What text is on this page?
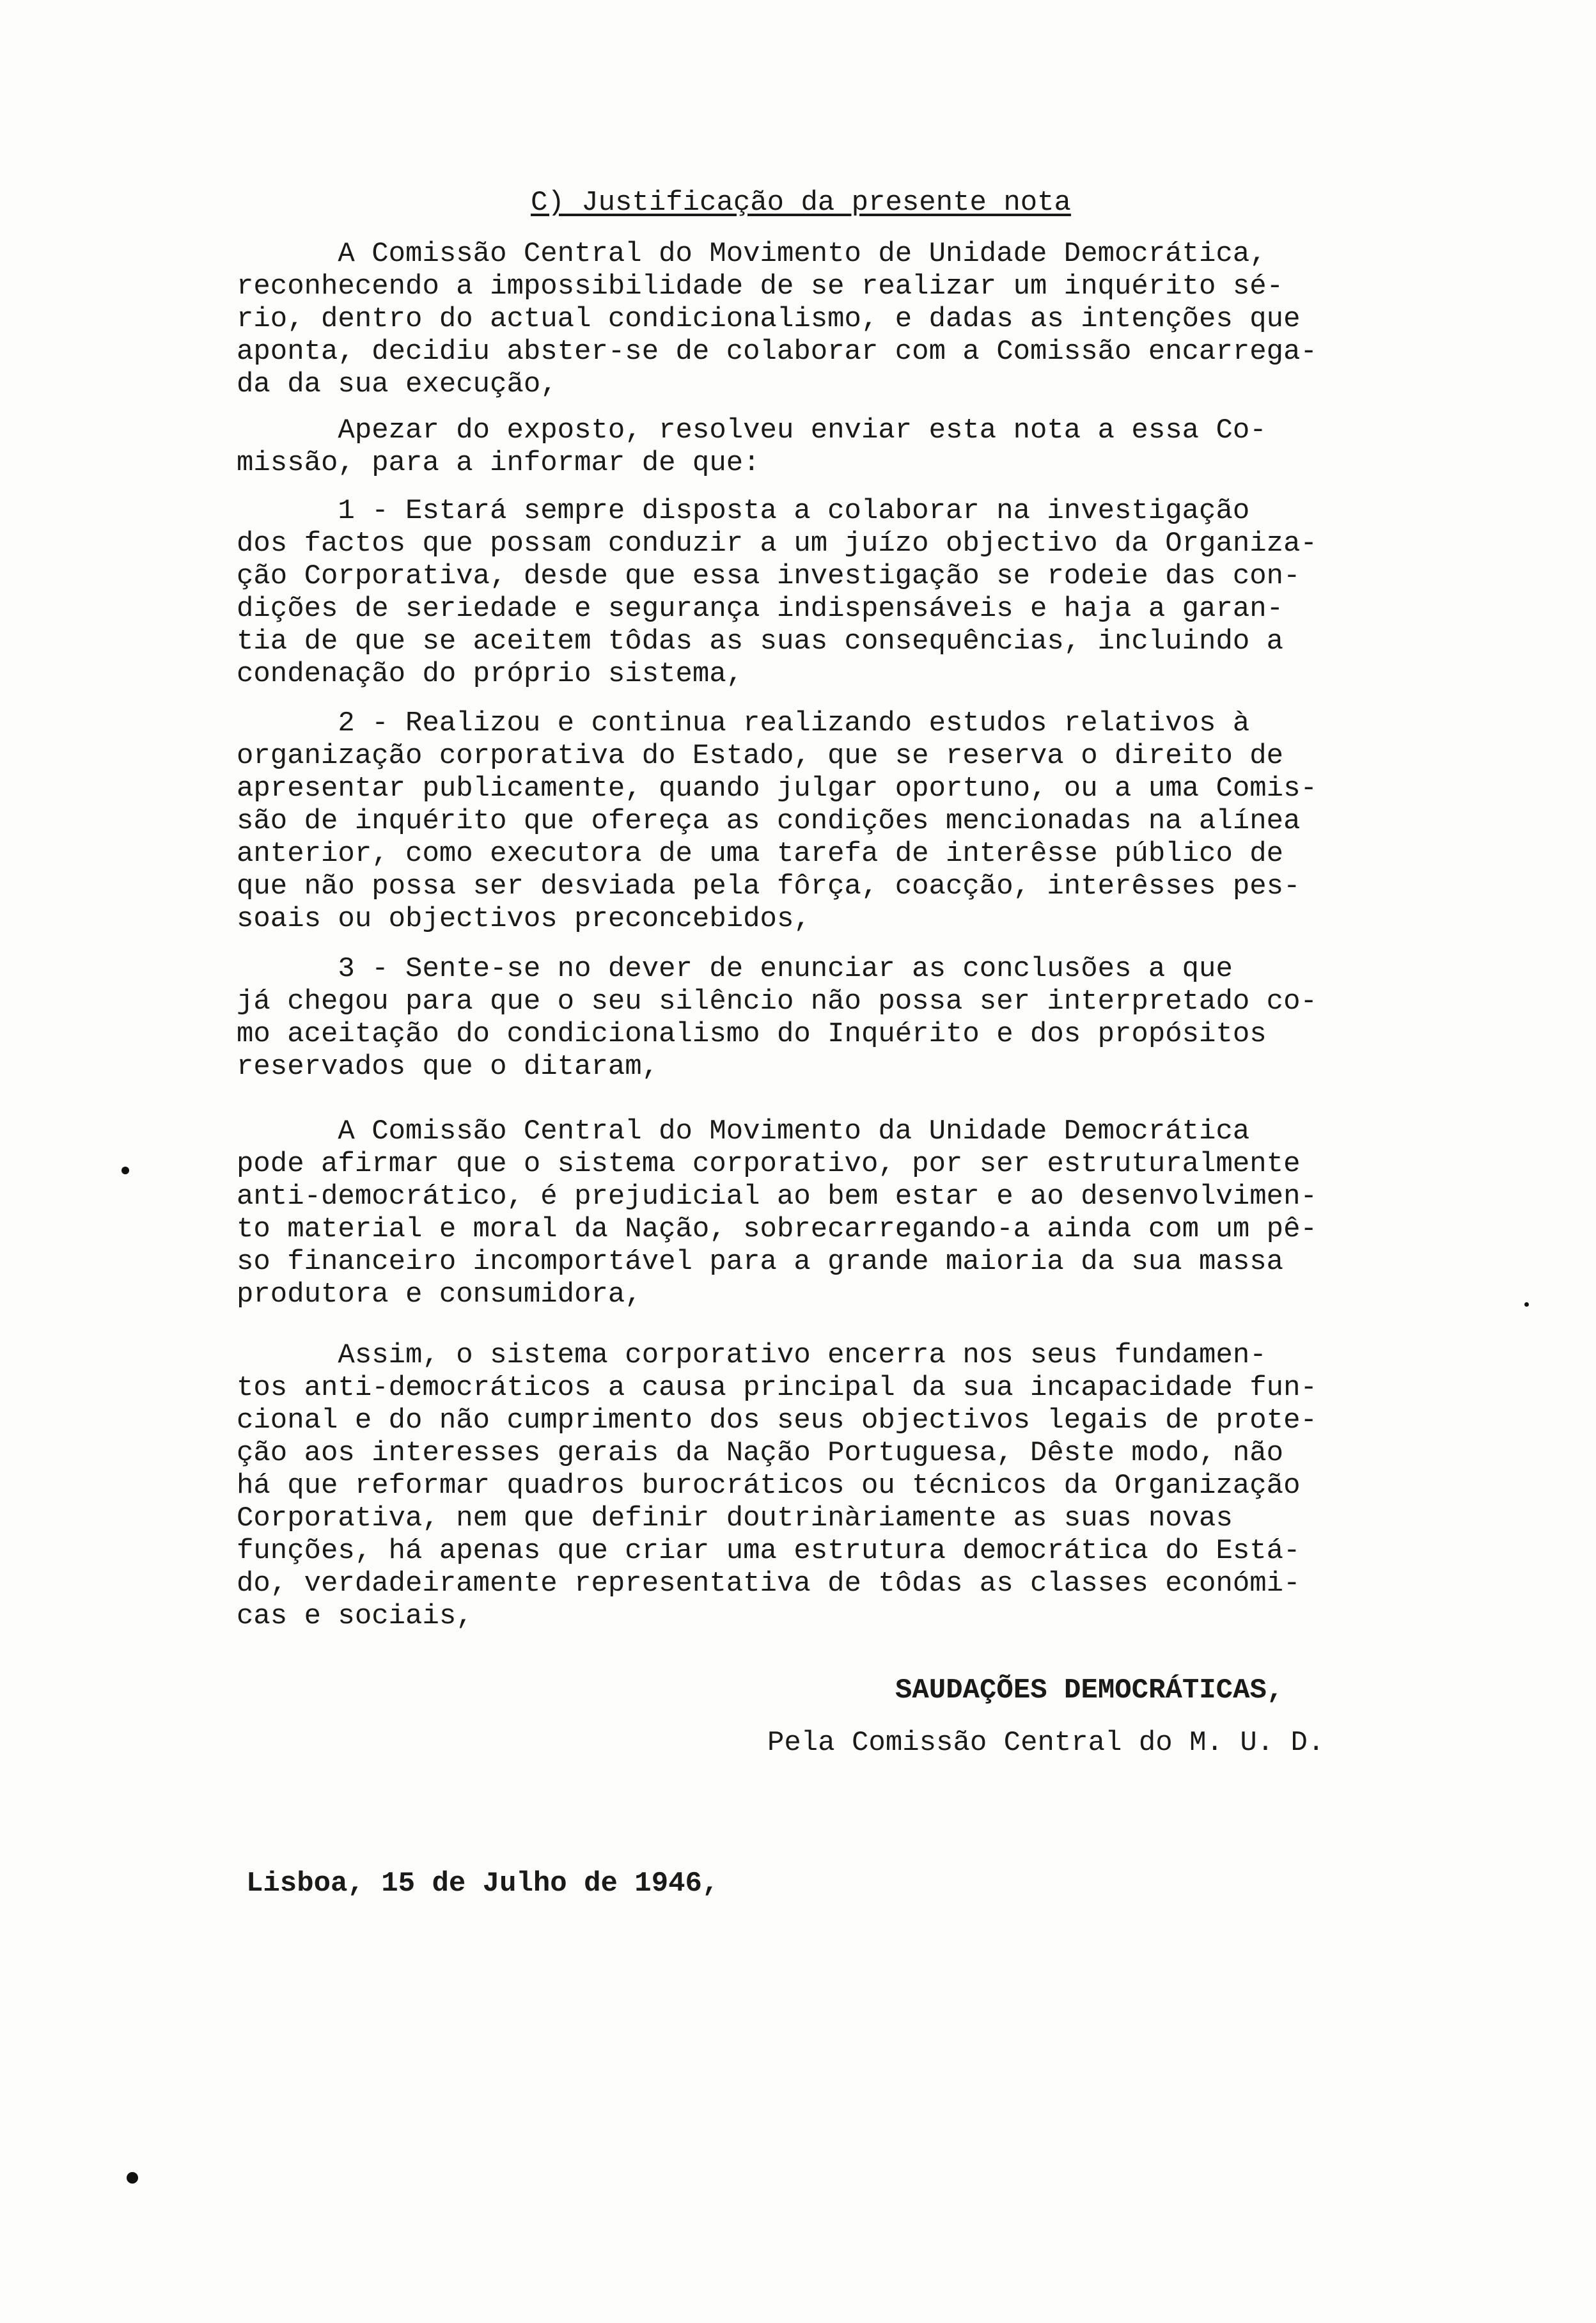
C) Justificação da presente nota

A Comissão Central do Movimento de Unidade Democrática,
reconhecendo a impossibilidade de se realizar um inquérito sé-
rio, dentro do actual condicionalismo, e dadas as intenções que
aponta, decidiu abster-se de colaborar com a Comissão encarrega-
da da sua execução,

Apezar do exposto, resolveu enviar esta nota a essa Co-
missão, para a informar de que:

1 - Estará sempre disposta a colaborar na investigação
dos factos que possam conduzir a um juízo objectivo da Organiza-
ção Corporativa, desde que essa investigação se rodeie das con-
dições de seriedade e segurança indispensáveis e haja a garan-
tia de que se aceitem tôdas as suas consequências, incluindo a
condenação do próprio sistema,

2 - Realizou e continua realizando estudos relativos à
organização corporativa do Estado, que se reserva o direito de
apresentar publicamente, quando julgar oportuno, ou a uma Comis-
são de inquérito que ofereça as condições mencionadas na alínea
anterior, como executora de uma tarefa de interêsse público de
que não possa ser desviada pela fôrça, coacção, interêsses pes-
soais ou objectivos preconcebidos,

3 - Sente-se no dever de enunciar as conclusões a que
já chegou para que o seu silêncio não possa ser interpretado co-
mo aceitação do condicionalismo do Inquérito e dos propósitos
reservados que o ditaram,

A Comissão Central do Movimento da Unidade Democrática
pode afirmar que o sistema corporativo, por ser estruturalmente
anti-democrático, é prejudicial ao bem estar e ao desenvolvimen-
to material e moral da Nação, sobrecarregando-a ainda com um pê-
so financeiro incomportável para a grande maioria da sua massa
produtora e consumidora,

Assim, o sistema corporativo encerra nos seus fundamen-
tos anti-democráticos a causa principal da sua incapacidade fun-
cional e do não cumprimento dos seus objectivos legais de prote-
ção aos interesses gerais da Nação Portuguesa, Dêste modo, não
há que reformar quadros burocráticos ou técnicos da Organização
Corporativa, nem que definir doutrinàriamente as suas novas
funções, há apenas que criar uma estrutura democrática do Está-
do, verdadeiramente representativa de tôdas as classes económi-
cas e sociais,

SAUDAÇÕES DEMOCRÁTICAS,

Pela Comissão Central do M. U. D.

Lisboa, 15 de Julho de 1946,
